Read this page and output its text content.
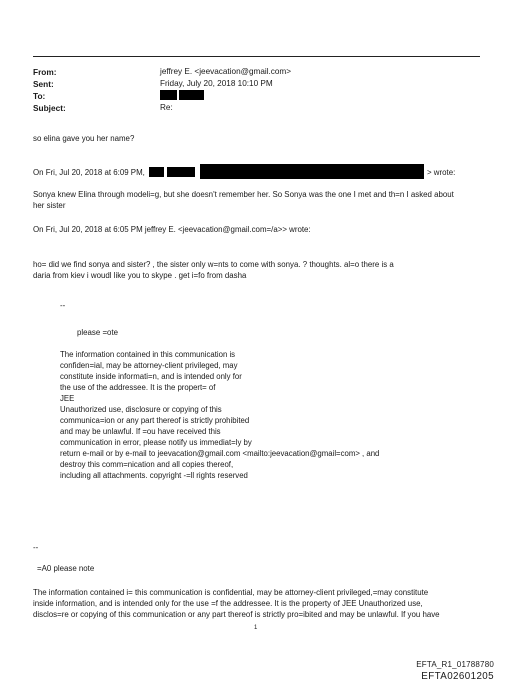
From:	jeffrey E. <jeevacation@gmail.com>
Sent:	Friday, July 20, 2018 10:10 PM
To:
Subject:	Re:
so elina gave you her name?
On Fri, Jul 20, 2018 at 6:09 PM,	> wrote:
Sonya knew Elina through modeli=g, but she doesn't remember her. So Sonya was the one I met and th=n I asked about
her sister
On Fri, Jul 20, 2018 at 6:05 PM jeffrey E. <jeevacation@gmail.com=/a>> wrote:
ho= did we find sonya and sister? , the sister only w=nts to come with sonya. ? thoughts. al=o there is a
daria from kiev i woudl like you to skype . get i=fo from dasha
--
please =ote
The information contained in this communication is
confiden=ial, may be attorney-client privileged, may
constitute inside informati=n, and is intended only for
the use of the addressee. It is the propert= of
JEE
Unauthorized use, disclosure or copying of this
communica=ion or any part thereof is strictly prohibited
and may be unlawful. If =ou have received this
communication in error, please notify us immediat=ly by
return e-mail or by e-mail to jeevacation@gmail.com <mailto:jeevacation@gmail=com> , and
destroy this comm=nication and all copies thereof,
including all attachments. copyright -=ll rights reserved
--
=A0 please note
The information contained i= this communication is confidential, may be attorney-client privileged,=may constitute
inside information, and is intended only for the use =f the addressee. It is the property of JEE Unauthorized use,
disclos=re or copying of this communication or any part thereof is strictly pro=ibited and may be unlawful. If you have
1
EFTA_R1_01788780
EFTA02601205
